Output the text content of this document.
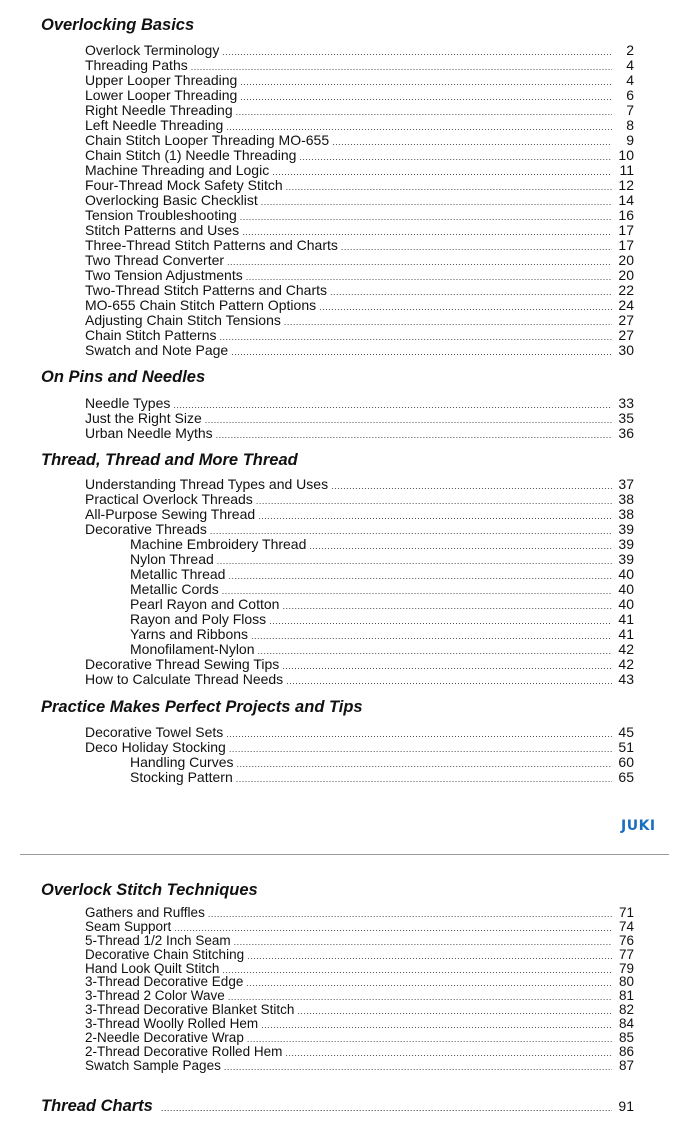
Overlocking Basics
Overlock Terminology .....	2
Threading Paths .....	4
Upper Looper Threading .....	4
Lower Looper Threading .....	6
Right Needle Threading .....	7
Left Needle Threading .....	8
Chain Stitch Looper Threading MO-655 .....	9
Chain Stitch (1) Needle Threading .....	10
Machine Threading and Logic .....	11
Four-Thread Mock Safety Stitch .....	12
Overlocking Basic Checklist .....	14
Tension Troubleshooting .....	16
Stitch Patterns and Uses .....	17
Three-Thread Stitch Patterns and Charts .....	17
Two Thread Converter .....	20
Two Tension Adjustments .....	20
Two-Thread Stitch Patterns and Charts .....	22
MO-655 Chain Stitch Pattern Options .....	24
Adjusting Chain Stitch Tensions .....	27
Chain Stitch Patterns .....	27
Swatch and Note Page .....	30
On Pins and Needles
Needle Types .....	33
Just the Right Size .....	35
Urban Needle Myths .....	36
Thread, Thread and More Thread
Understanding Thread Types and Uses .....	37
Practical Overlock Threads .....	38
All-Purpose Sewing Thread .....	38
Decorative Threads .....	39
Machine Embroidery Thread .....	39
Nylon Thread .....	39
Metallic Thread .....	40
Metallic Cords .....	40
Pearl Rayon and Cotton .....	40
Rayon and Poly Floss .....	41
Yarns and Ribbons .....	41
Monofilament-Nylon .....	42
Decorative Thread Sewing Tips .....	42
How to Calculate Thread Needs .....	43
Practice Makes Perfect Projects and Tips
Decorative Towel Sets .....	45
Deco Holiday Stocking .....	51
Handling Curves .....	60
Stocking Pattern .....	65
Overlock Stitch Techniques
Gathers and Ruffles .....	71
Seam Support .....	74
5-Thread 1/2 Inch Seam .....	76
Decorative Chain Stitching .....	77
Hand Look Quilt Stitch .....	79
3-Thread Decorative Edge .....	80
3-Thread 2 Color Wave .....	81
3-Thread Decorative Blanket Stitch .....	82
3-Thread Woolly Rolled Hem .....	84
2-Needle Decorative Wrap .....	85
2-Thread Decorative Rolled Hem .....	86
Swatch Sample Pages .....	87
JUKI
Thread Charts .....	91
